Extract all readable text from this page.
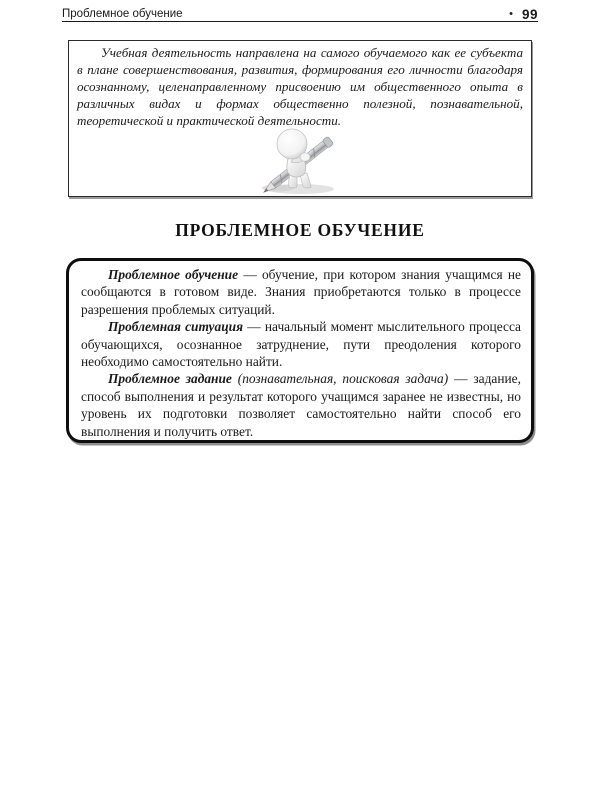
Проблемное обучение	• 99
Учебная деятельность направлена на самого обучаемого как ее субъекта в плане совершенствования, развития, формирования его личности благодаря осознанному, целенаправленному присвоению им общественного опыта в различных видах и формах общественно полезной, познавательной, теоретической и практической деятельности.
ПРОБЛЕМНОЕ ОБУЧЕНИЕ
Проблемное обучение — обучение, при котором знания учащимся не сообщаются в готовом виде. Знания приобретаются только в процессе разрешения проблемых ситуаций.
Проблемная ситуация — начальный момент мыслительного процесса обучающихся, осознанное затруднение, пути преодоления которого необходимо самостоятельно найти.
Проблемное задание (познавательная, поисковая задача) — задание, способ выполнения и результат которого учащимся заранее не известны, но уровень их подготовки позволяет самостоятельно найти способ его выполнения и получить ответ.
